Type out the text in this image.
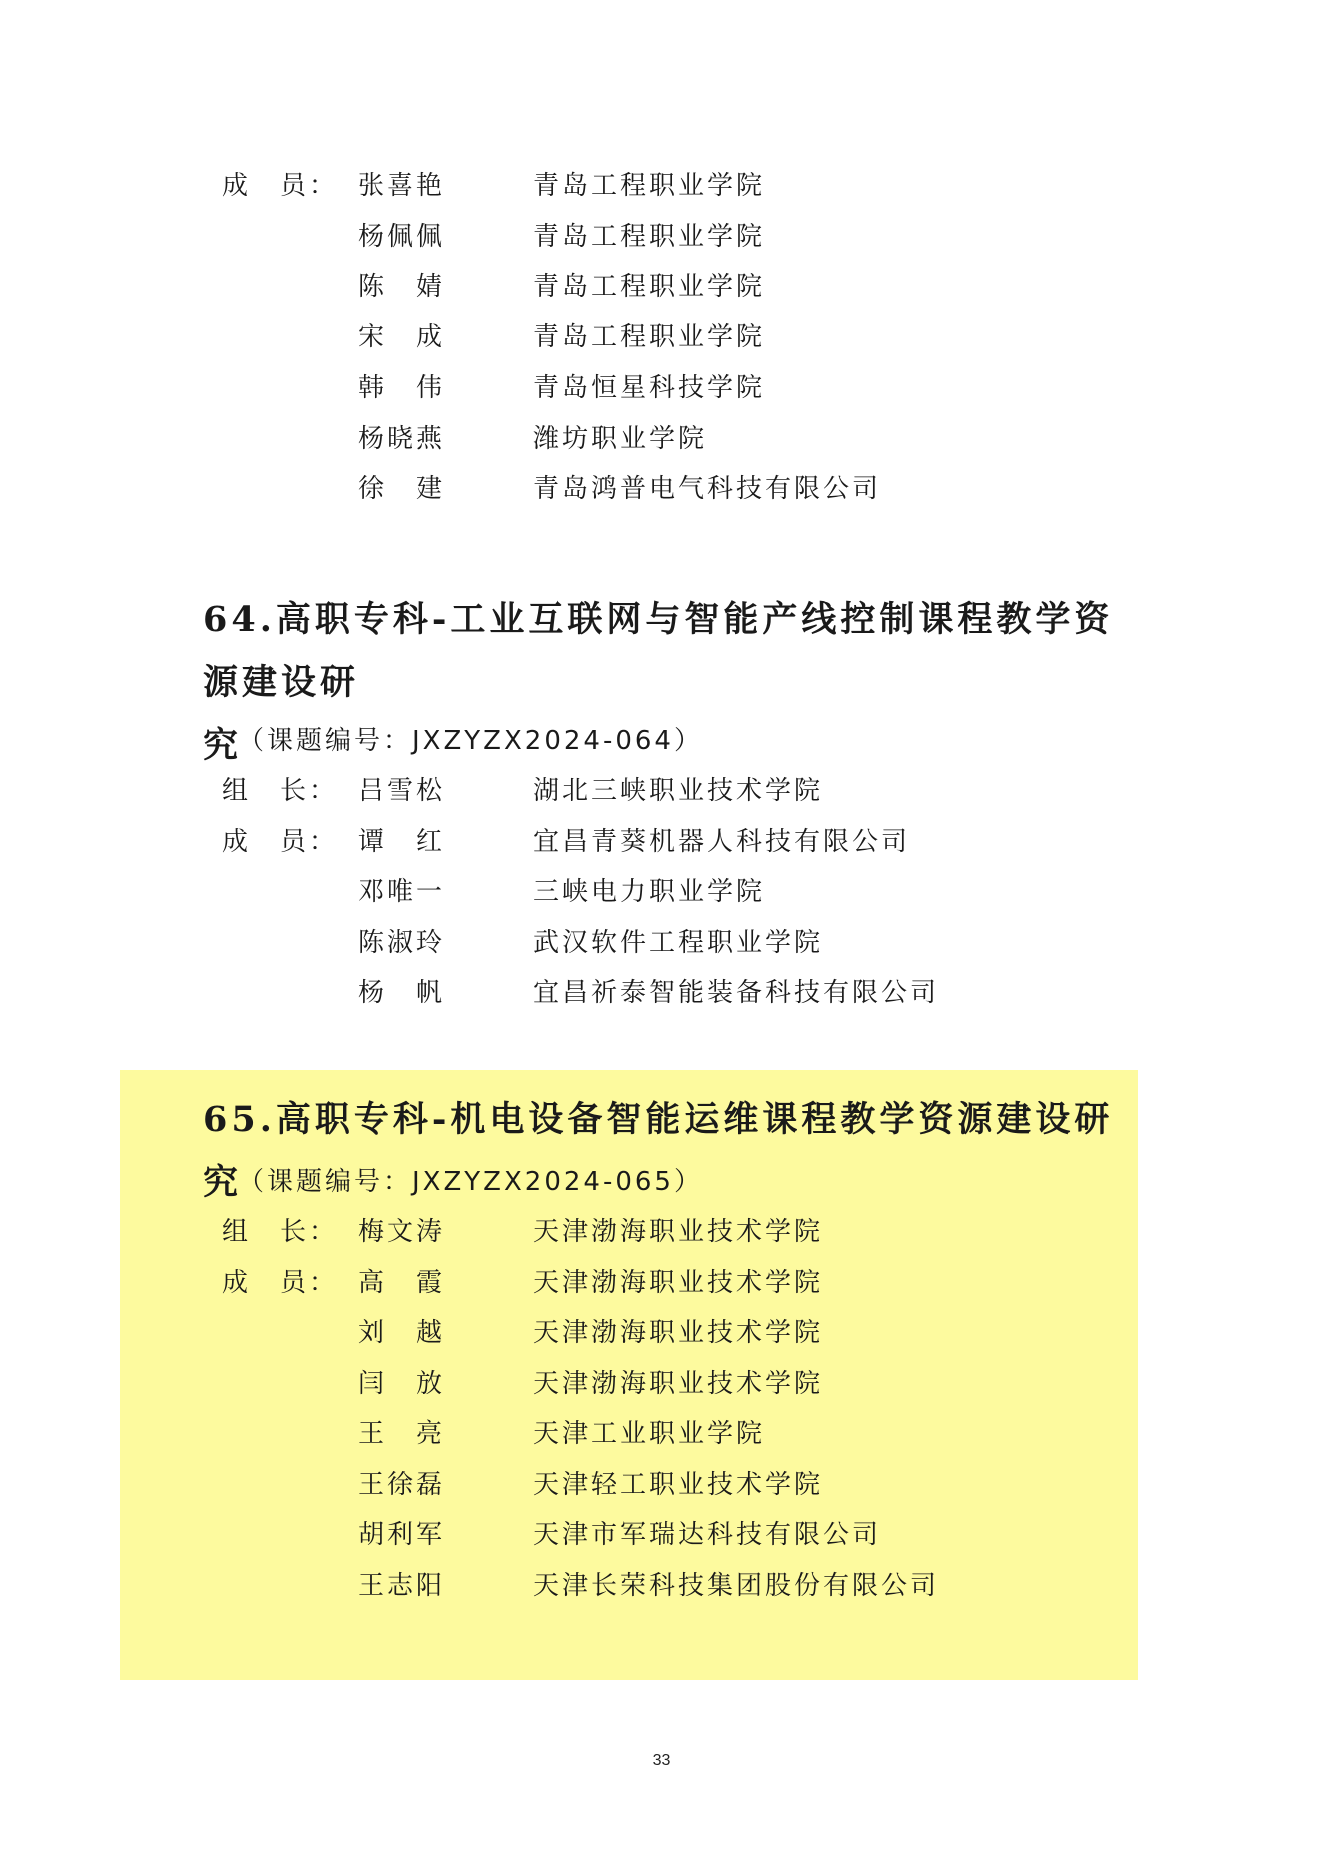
成　员： 张喜艳	青岛工程职业学院
杨佩佩	青岛工程职业学院
陈　婧	青岛工程职业学院
宋　成	青岛工程职业学院
韩　伟	青岛恒星科技学院
杨晓燕	潍坊职业学院
徐　建	青岛鸿普电气科技有限公司
64.高职专科-工业互联网与智能产线控制课程教学资源建设研
究
（课题编号：JXZYZX2024-064）
组　长： 吕雪松	湖北三峡职业技术学院
成　员： 谭　红	宜昌青葵机器人科技有限公司
邓唯一	三峡电力职业学院
陈淑玲	武汉软件工程职业学院
杨　帆	宜昌祈泰智能装备科技有限公司
65.高职专科-机电设备智能运维课程教学资源建设研究
（课题编号：JXZYZX2024-065）
组　长： 梅文涛	天津渤海职业技术学院
成　员： 高　霞	天津渤海职业技术学院
刘　越	天津渤海职业技术学院
闫　放	天津渤海职业技术学院
王　亮	天津工业职业学院
王徐磊	天津轻工职业技术学院
胡利军	天津市军瑞达科技有限公司
王志阳	天津长荣科技集团股份有限公司
33
